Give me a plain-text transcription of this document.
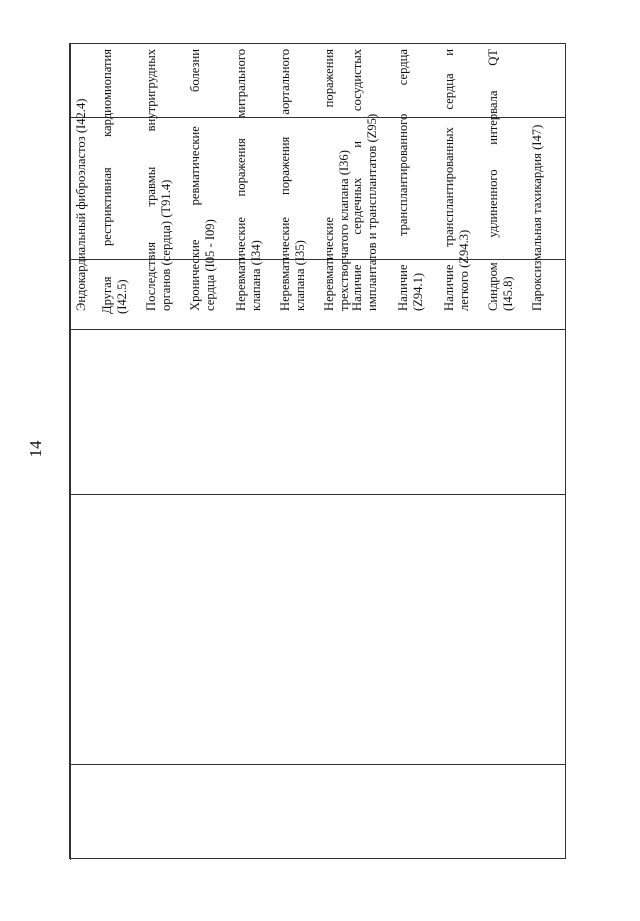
14
Эндокардиальный фиброэластоз (I42.4) Другая рестриктивная кардиомиопатия (I42.5) Последствия травмы внутригрудных органов (сердца) (T91.4) Хронические ревматические болезни сердца (I05 - I09) Неревматические поражения митрального клапана (I34) Неревматические поражения аортального клапана (I35) Неревматические поражения трехстворчатого клапана (I36) Наличие сердечных и сосудистых имплантатов и трансплантатов (Z95) Наличие трансплантированного сердца (Z94.1) Наличие трансплантированных сердца и легкого (Z94.3) Синдром удлиненного интервала QT (I45.8) Пароксизмальная тахикардия (I47)
